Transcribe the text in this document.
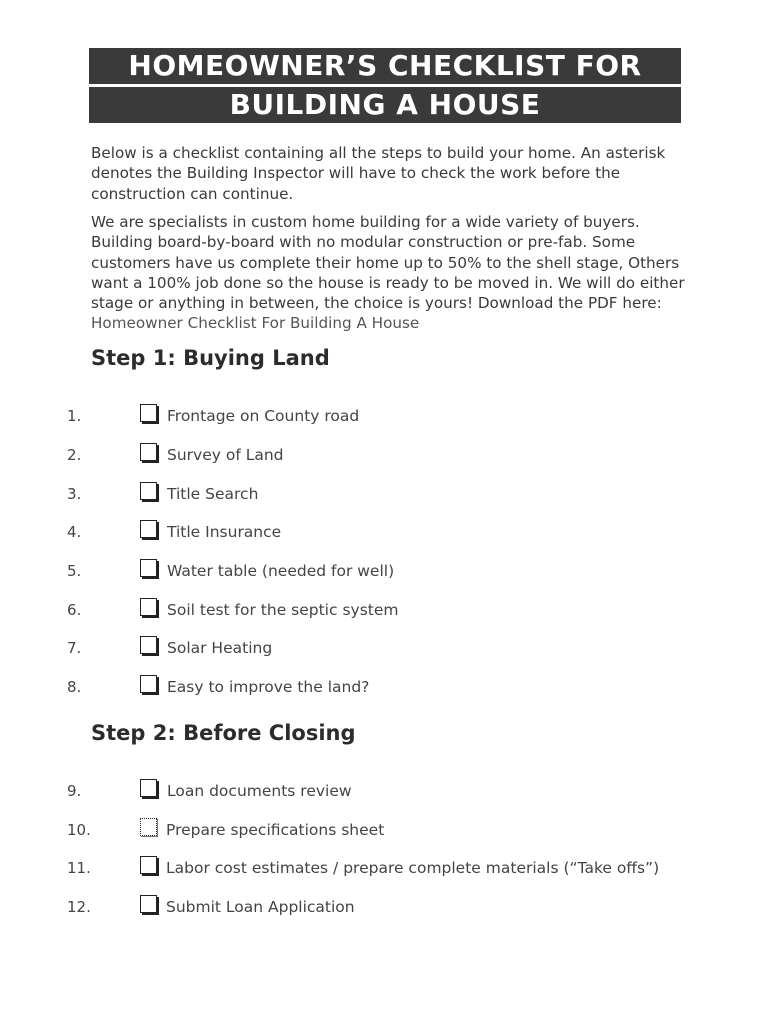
HOMEOWNER’S CHECKLIST FOR
BUILDING A HOUSE

Below is a checklist containing all the steps to build your home. An asterisk denotes the Building Inspector will have to check the work before the construction can continue.

We are specialists in custom home building for a wide variety of buyers. Building board-by-board with no modular construction or pre-fab. Some customers have us complete their home up to 50% to the shell stage, Others want a 100% job done so the house is ready to be moved in. We will do either stage or anything in between, the choice is yours! Download the PDF here: Homeowner Checklist For Building A House

Step 1: Buying Land
1.	Frontage on County road
2.	Survey of Land
3.	Title Search
4.	Title Insurance
5.	Water table (needed for well)
6.	Soil test for the septic system
7.	Solar Heating
8.	Easy to improve the land?
Step 2: Before Closing
9.	Loan documents review
10.	Prepare specifications sheet
11.	Labor cost estimates / prepare complete materials (“Take offs”)
12.	Submit Loan Application
